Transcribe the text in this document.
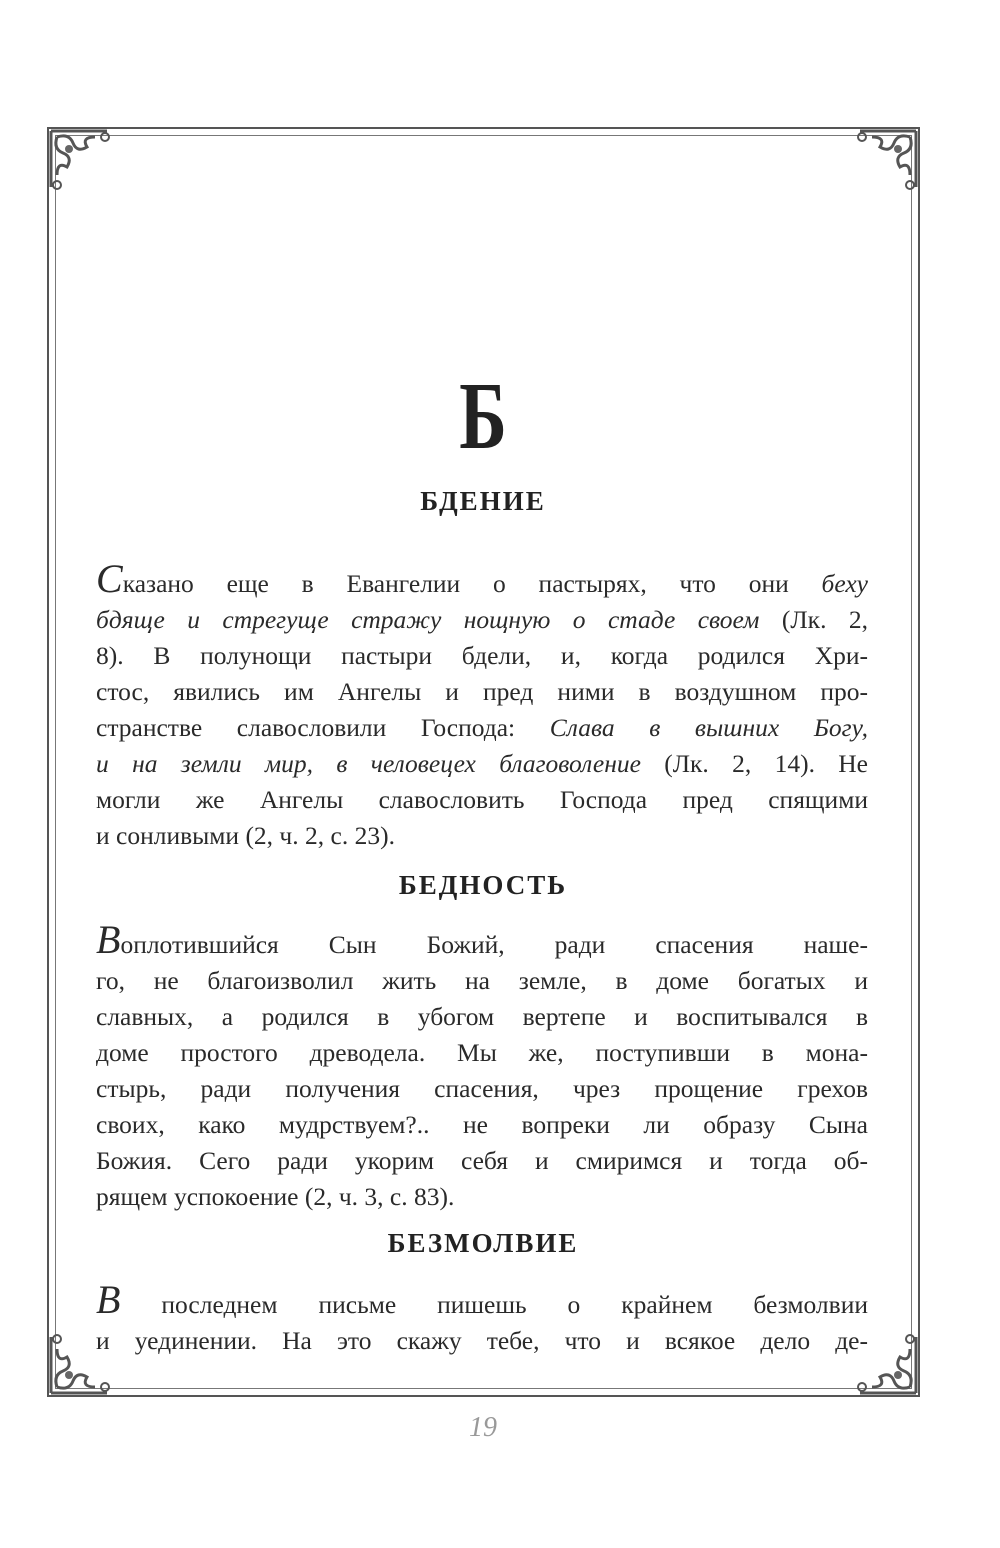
Б
БДЕНИЕ
Сказано еще в Евангелии о пастырях, что они беху
бдяще и стрегуще стражу нощную о стаде своем (Лк. 2,
8). В полунощи пастыри бдели, и, когда родился Хри-
стос, явились им Ангелы и пред ними в воздушном про-
странстве славословили Господа: Слава в вышних Богу,
и на земли мир, в человецех благоволение (Лк. 2, 14). Не
могли же Ангелы славословить Господа пред спящими
и сонливыми (2, ч. 2, с. 23).
БЕДНОСТЬ
Воплотившийся Сын Божий, ради спасения наше-
го, не благоизволил жить на земле, в доме богатых и
славных, а родился в убогом вертепе и воспитывался в
доме простого древодела. Мы же, поступивши в мона-
стырь, ради получения спасения, чрез прощение грехов
своих, како мудрствуем?.. не вопреки ли образу Сына
Божия. Сего ради укорим себя и смиримся и тогда об-
рящем успокоение (2, ч. 3, с. 83).
БЕЗМОЛВИЕ
В последнем письме пишешь о крайнем безмолвии
и уединении. На это скажу тебе, что и всякое дело де-
19
